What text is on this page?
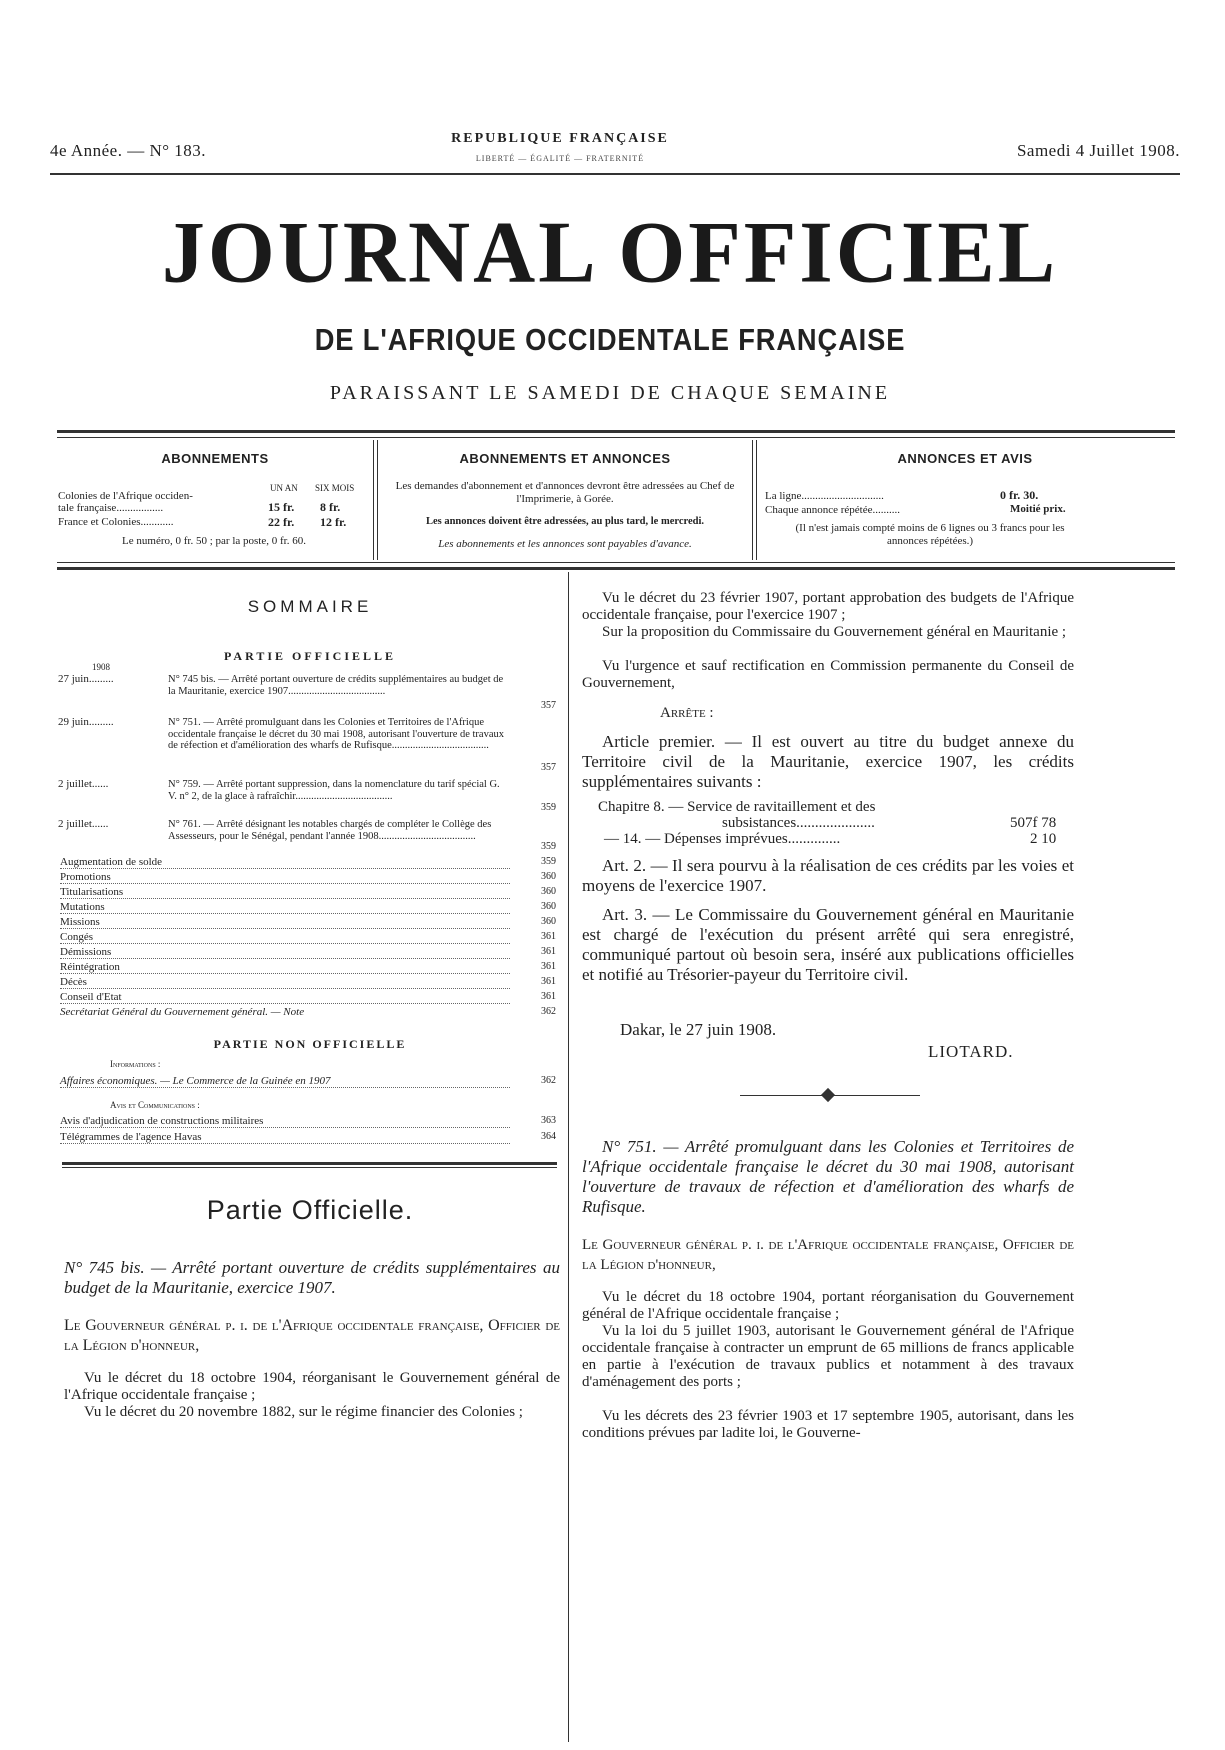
4e Année. — N° 183.
REPUBLIQUE FRANÇAISE
LIBERTÉ — ÉGALITÉ — FRATERNITÉ	Samedi 4 Juillet 1908.
JOURNAL OFFICIEL
DE L'AFRIQUE OCCIDENTALE FRANÇAISE
PARAISSANT LE SAMEDI DE CHAQUE SEMAINE
ABONNEMENTS
UN AN SIX MOIS
Colonies de l'Afrique occiden-
tale française.................	15 fr. 8 fr.
France et Colonies............	22 fr. 12 fr.
Le numéro, 0 fr. 50 ; par la poste, 0 fr. 60.
ABONNEMENTS ET ANNONCES
Les demandes d'abonnement et d'annonces devront être adressées au Chef de l'Imprimerie, à Gorée.
Les annonces doivent être adressées, au plus tard, le mercredi.
Les abonnements et les annonces sont payables d'avance.
ANNONCES ET AVIS
La ligne..............................	0 fr. 30.
Chaque annonce répétée..........	Moitié prix.
(Il n'est jamais compté moins de 6 lignes ou 3 francs pour les annonces répétées.)
SOMMAIRE
PARTIE OFFICIELLE
1908
27 juin.........	N° 745 bis. — Arrêté portant ouverture de crédits supplémentaires au budget de la Mauritanie, exercice 1907.....................................
357
29 juin.........	N° 751. — Arrêté promulguant dans les Colonies et Territoires de l'Afrique occidentale française le décret du 30 mai 1908, autorisant l'ouverture de travaux de réfection et d'amélioration des wharfs de Rufisque.....................................
357
2 juillet......	N° 759. — Arrêté portant suppression, dans la nomenclature du tarif spécial G. V. n° 2, de la glace à rafraîchir.....................................
359
2 juillet......	N° 761. — Arrêté désignant les notables chargés de compléter le Collège des Assesseurs, pour le Sénégal, pendant l'année 1908.....................................
359
Augmentation de solde	359
Promotions	360
Titularisations	360
Mutations	360
Missions	360
Congés	361
Démissions	361
Réintégration	361
Décès	361
Conseil d'Etat	361
Secrétariat Général du Gouvernement général. — Note	362
PARTIE NON OFFICIELLE
Informations :
Affaires économiques. — Le Commerce de la Guinée en 1907	362
Avis et Communications :
Avis d'adjudication de constructions militaires	363
Télégrammes de l'agence Havas	364
Partie Officielle.
N° 745 bis. — Arrêté portant ouverture de crédits supplémentaires au budget de la Mauritanie, exercice 1907.
Le Gouverneur général p. i. de l'Afrique occidentale française, Officier de la Légion d'honneur,
Vu le décret du 18 octobre 1904, réorganisant le Gouvernement général de l'Afrique occidentale française ;
Vu le décret du 20 novembre 1882, sur le régime financier des Colonies ;
Vu le décret du 23 février 1907, portant approbation des budgets de l'Afrique occidentale française, pour l'exercice 1907 ;
Sur la proposition du Commissaire du Gouvernement général en Mauritanie ;
Vu l'urgence et sauf rectification en Commission permanente du Conseil de Gouvernement,
Arrête :
Article premier. — Il est ouvert au titre du budget annexe du Territoire civil de la Mauritanie, exercice 1907, les crédits supplémentaires suivants :
Chapitre 8. — Service de ravitaillement et des
subsistances.....................	507f 78
— 14. — Dépenses imprévues..............	2 10
Art. 2. — Il sera pourvu à la réalisation de ces crédits par les voies et moyens de l'exercice 1907.
Art. 3. — Le Commissaire du Gouvernement général en Mauritanie est chargé de l'exécution du présent arrêté qui sera enregistré, communiqué partout où besoin sera, inséré aux publications officielles et notifié au Trésorier-payeur du Territoire civil.
Dakar, le 27 juin 1908.
LIOTARD.
N° 751. — Arrêté promulguant dans les Colonies et Territoires de l'Afrique occidentale française le décret du 30 mai 1908, autorisant l'ouverture de travaux de réfection et d'amélioration des wharfs de Rufisque.
Le Gouverneur général p. i. de l'Afrique occidentale française, Officier de la Légion d'honneur,
Vu le décret du 18 octobre 1904, portant réorganisation du Gouvernement général de l'Afrique occidentale française ;
Vu la loi du 5 juillet 1903, autorisant le Gouvernement général de l'Afrique occidentale française à contracter un emprunt de 65 millions de francs applicable en partie à l'exécution de travaux publics et notamment à des travaux d'aménagement des ports ;
Vu les décrets des 23 février 1903 et 17 septembre 1905, autorisant, dans les conditions prévues par ladite loi, le Gouverne-
